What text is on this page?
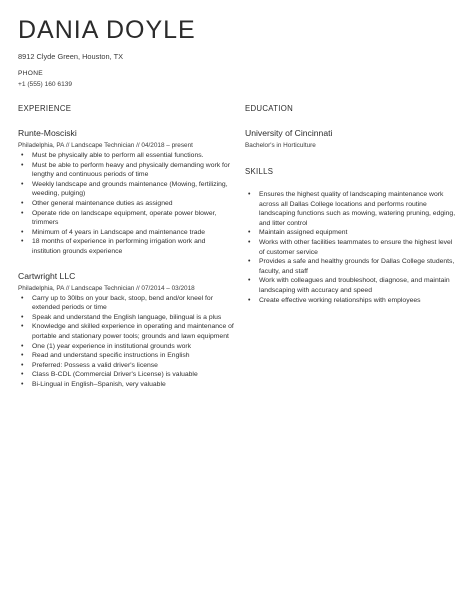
DANIA DOYLE
8912 Clyde Green, Houston, TX
PHONE
+1 (555) 160 6139
EXPERIENCE
Runte-Mosciski
Philadelphia, PA // Landscape Technician // 04/2018 – present
• Must be physically able to perform all essential functions.
• Must be able to perform heavy and physically demanding work for lengthy and continuous periods of time
• Weekly landscape and grounds maintenance (Mowing, fertilizing, weeding, pulging)
• Other general maintenance duties as assigned
• Operate ride on landscape equipment, operate power blower, trimmers
• Minimum of 4 years in Landscape and maintenance trade
• 18 months of experience in performing irrigation work and institution grounds experience
Cartwright LLC
Philadelphia, PA // Landscape Technician // 07/2014 – 03/2018
• Carry up to 30lbs on your back, stoop, bend and/or kneel for extended periods or time
• Speak and understand the English language, bilingual is a plus
• Knowledge and skilled experience in operating and maintenance of portable and stationary power tools; grounds and lawn equipment
• One (1) year experience in institutional grounds work
• Read and understand specific instructions in English
• Preferred: Possess a valid driver's license
• Class B-CDL (Commercial Driver's License) is valuable
• Bi-Lingual in English–Spanish, very valuable
EDUCATION
University of Cincinnati
Bachelor's in Horticulture
SKILLS
• Ensures the highest quality of landscaping maintenance work across all Dallas College locations and performs routine landscaping functions such as mowing, watering pruning, edging, and litter control
• Maintain assigned equipment
• Works with other facilities teammates to ensure the highest level of customer service
• Provides a safe and healthy grounds for Dallas College students, faculty, and staff
• Work with colleagues and troubleshoot, diagnose, and maintain landscaping with accuracy and speed
• Create effective working relationships with employees
